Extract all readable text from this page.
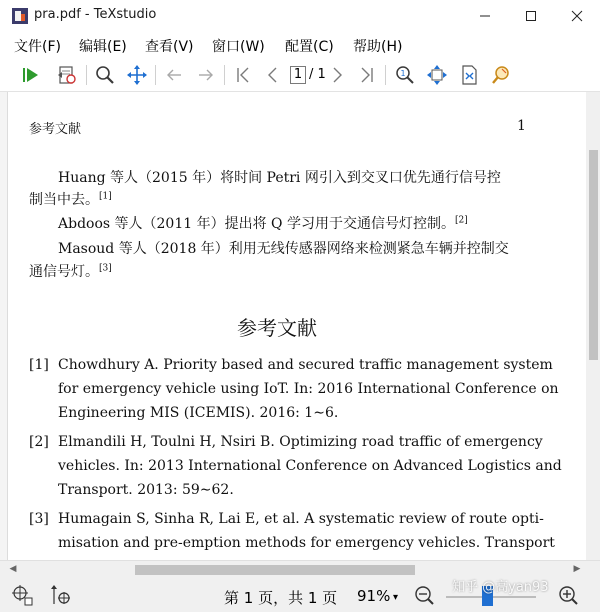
pra.pdf - TeXstudio
文件(F) 编辑(E) 查看(V) 窗口(W) 配置(C) 帮助(H)
1 / 1	1
参考文献	1
Huang 等人（2015 年）将时间 Petri 网引入到交叉口优先通行信号控
制当中去。[1]
Abdoos 等人（2011 年）提出将 Q 学习用于交通信号灯控制。[2]
Masoud 等人（2018 年）利用无线传感器网络来检测紧急车辆并控制交
通信号灯。[3]
参考文献
[1] Chowdhury A. Priority based and secured traffic management system
for emergency vehicle using IoT. In: 2016 International Conference on
Engineering MIS (ICEMIS). 2016: 1∼6.
[2] Elmandili H, Toulni H, Nsiri B. Optimizing road traffic of emergency
vehicles. In: 2013 International Conference on Advanced Logistics and
Transport. 2013: 59∼62.
[3] Humagain S, Sinha R, Lai E, et al. A systematic review of route opti-
misation and pre-emption methods for emergency vehicles. Transport
◀	▶
第 1 页，共 1 页 91% ▾
知乎 @高yan93
